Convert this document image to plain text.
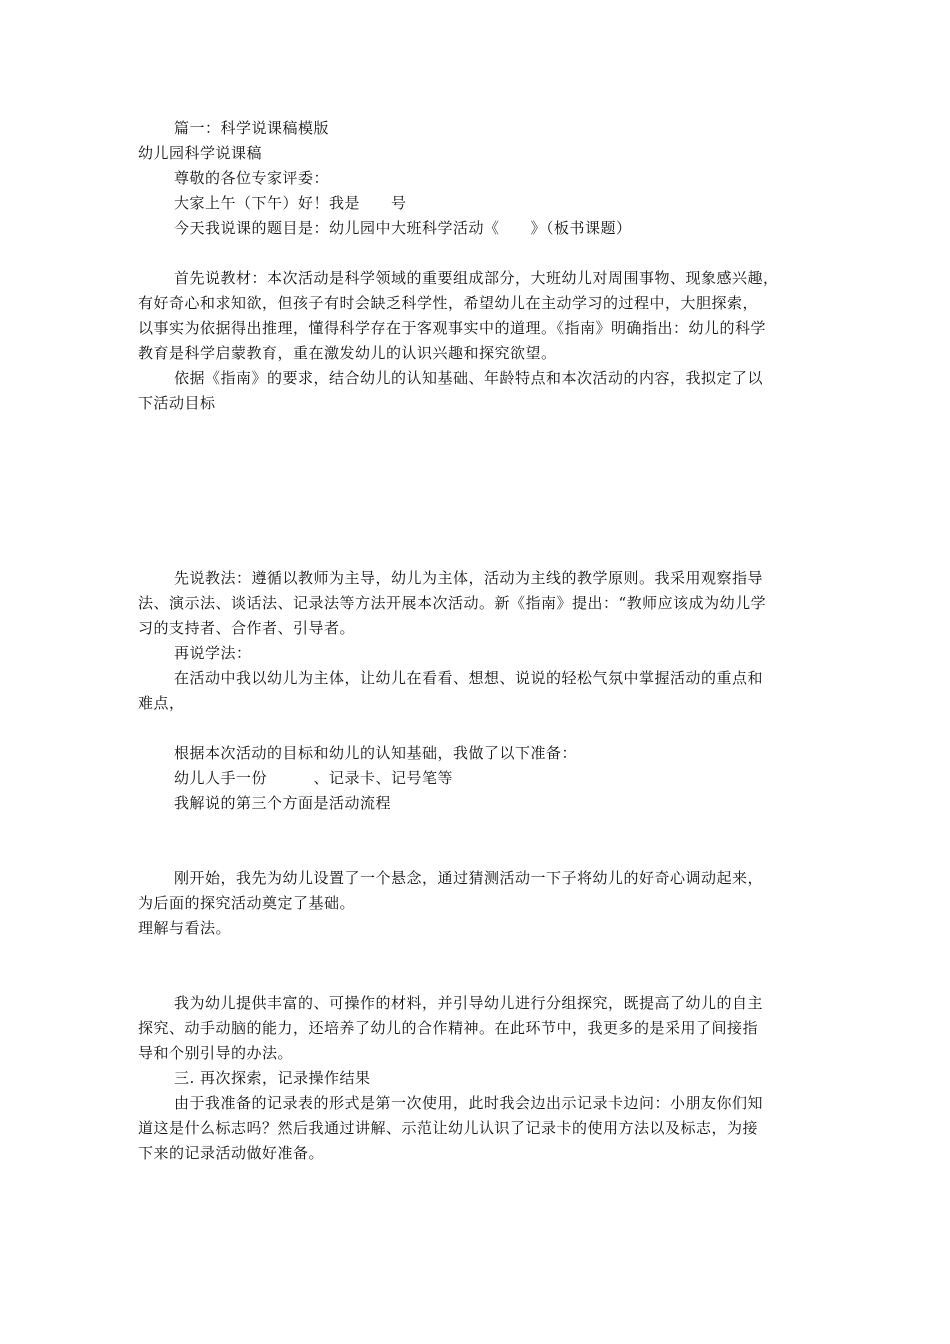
篇一：科学说课稿模版
幼儿园科学说课稿
尊敬的各位专家评委：
大家上午（下午）好！我是　　号
今天我说课的题目是：幼儿园中大班科学活动《　　》（板书课题）
首先说教材：本次活动是科学领域的重要组成部分，大班幼儿对周围事物、现象感兴趣，
有好奇心和求知欲，但孩子有时会缺乏科学性，希望幼儿在主动学习的过程中，大胆探索，
以事实为依据得出推理，懂得科学存在于客观事实中的道理。《指南》明确指出：幼儿的科学
教育是科学启蒙教育，重在激发幼儿的认识兴趣和探究欲望。
依据《指南》的要求，结合幼儿的认知基础、年龄特点和本次活动的内容，我拟定了以
下活动目标
先说教法：遵循以教师为主导，幼儿为主体，活动为主线的教学原则。我采用观察指导
法、演示法、谈话法、记录法等方法开展本次活动。新《指南》提出：“教师应该成为幼儿学
习的支持者、合作者、引导者。
再说学法：
在活动中我以幼儿为主体，让幼儿在看看、想想、说说的轻松气氛中掌握活动的重点和
难点，
根据本次活动的目标和幼儿的认知基础，我做了以下准备：
幼儿人手一份　　　、记录卡、记号笔等
我解说的第三个方面是活动流程
刚开始，我先为幼儿设置了一个悬念，通过猜测活动一下子将幼儿的好奇心调动起来，
为后面的探究活动奠定了基础。
理解与看法。
我为幼儿提供丰富的、可操作的材料，并引导幼儿进行分组探究，既提高了幼儿的自主
探究、动手动脑的能力，还培养了幼儿的合作精神。在此环节中，我更多的是采用了间接指
导和个别引导的办法。
三. 再次探索，记录操作结果
由于我准备的记录表的形式是第一次使用，此时我会边出示记录卡边问：小朋友你们知
道这是什么标志吗？然后我通过讲解、示范让幼儿认识了记录卡的使用方法以及标志，为接
下来的记录活动做好准备。
